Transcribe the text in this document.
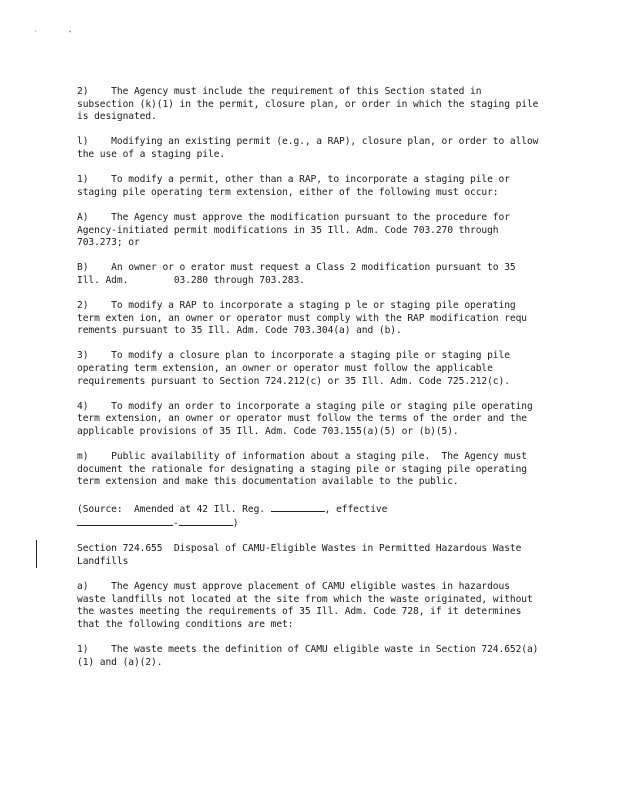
'	"

2)    The Agency must include the requirement of this Section stated in subsection (k)(1) in the permit, closure plan, or order in which the staging pile is designated.

l)    Modifying an existing permit (e.g., a RAP), closure plan, or order to allow the use of a staging pile.

1)    To modify a permit, other than a RAP, to incorporate a staging pile or staging pile operating term extension, either of the following must occur:

A)    The Agency must approve the modification pursuant to the procedure for Agency-initiated permit modifications in 35 Ill. Adm. Code 703.270 through 703.273; or

B)    An owner or o erator must request a Class 2 modification pursuant to 35 Ill. Adm.        03.280 through 703.283.

2)    To modify a RAP to incorporate a staging p le or staging pile operating term exten ion, an owner or operator must comply with the RAP modification requ rements pursuant to 35 Ill. Adm. Code 703.304(a) and (b).

3)    To modify a closure plan to incorporate a staging pile or staging pile operating term extension, an owner or operator must follow the applicable requirements pursuant to Section 724.212(c) or 35 Ill. Adm. Code 725.212(c).

4)    To modify an order to incorporate a staging pile or staging pile operating term extension, an owner or operator must follow the terms of the order and the applicable provisions of 35 Ill. Adm. Code 703.155(a)(5) or (b)(5).

m)    Public availability of information about a staging pile.  The Agency must document the rationale for designating a staging pile or staging pile operating term extension and make this documentation available to the public.

(Source:  Amended at 42 Ill. Reg.	, effective
-	)

Section 724.655  Disposal of CAMU-Eligible Wastes in Permitted Hazardous Waste Landfills

a)    The Agency must approve placement of CAMU eligible wastes in hazardous waste landfills not located at the site from which the waste originated, without the wastes meeting the requirements of 35 Ill. Adm. Code 728, if it determines that the following conditions are met:

1)    The waste meets the definition of CAMU eligible waste in Section 724.652(a)(1) and (a)(2).
